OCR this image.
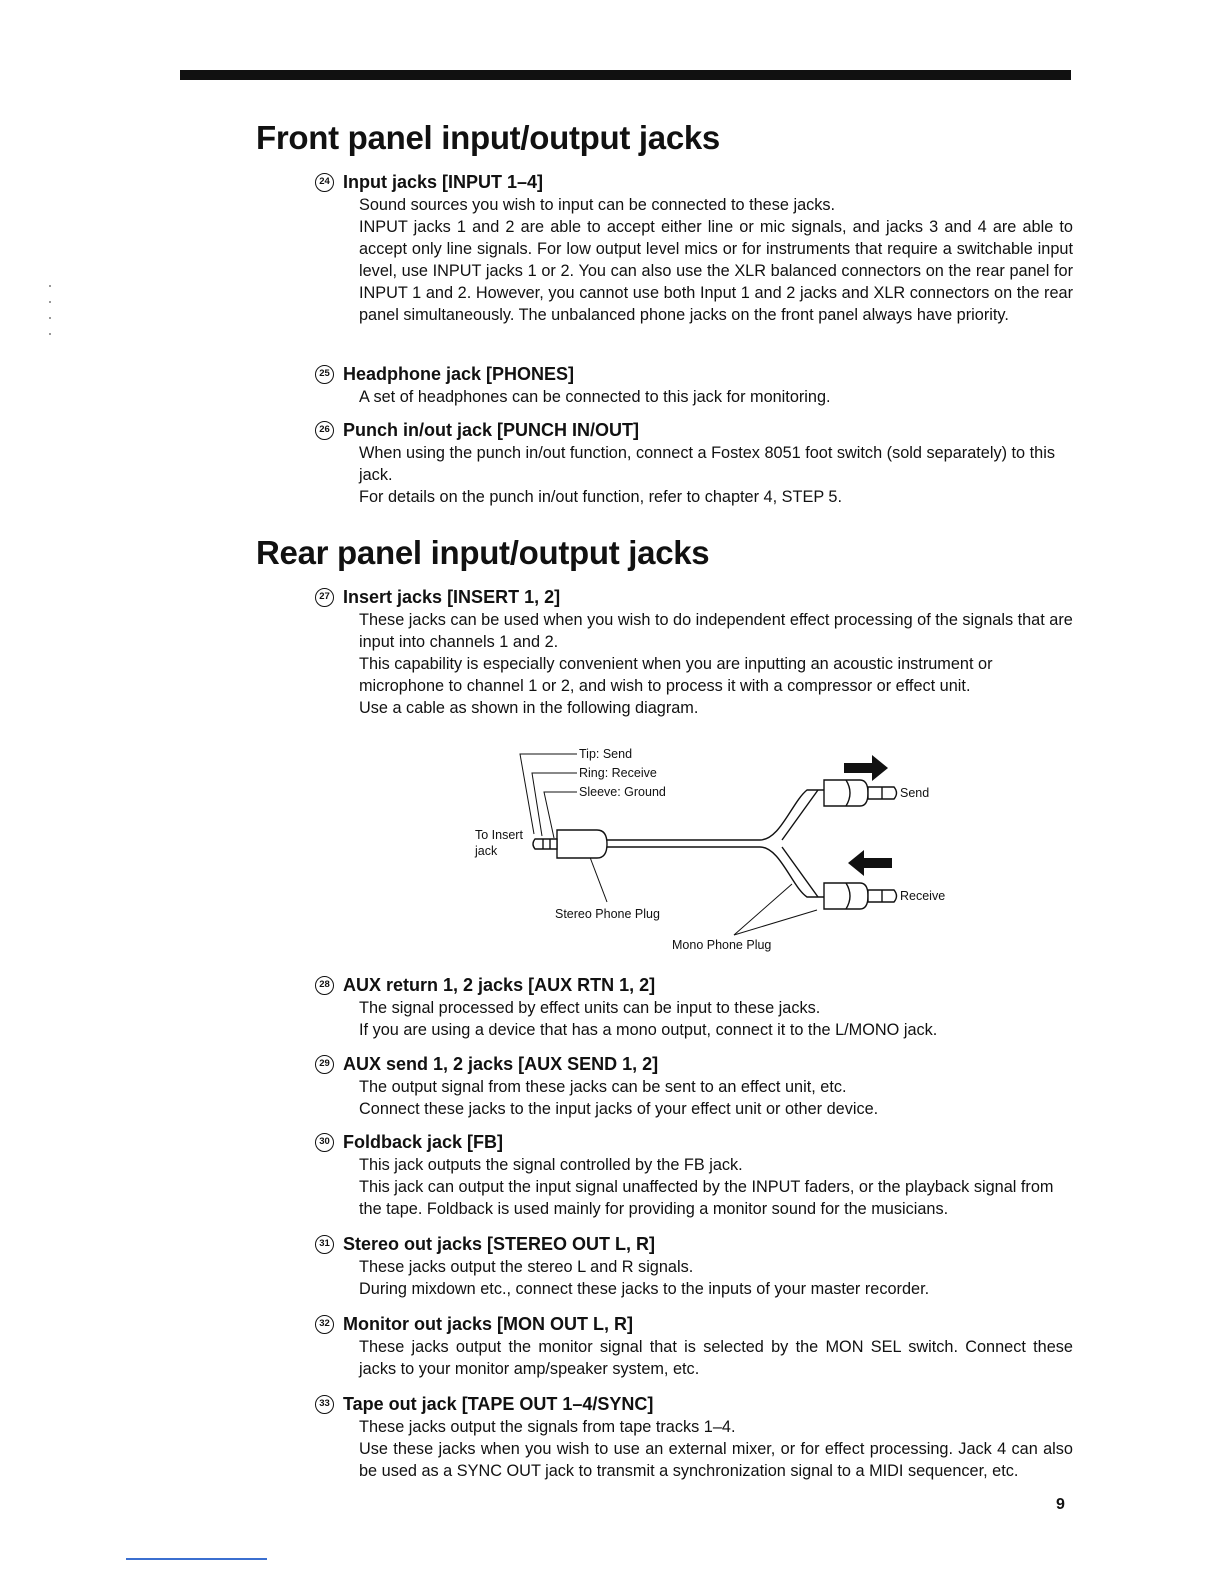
Front panel input/output jacks
24 Input jacks [INPUT 1–4]

Sound sources you wish to input can be connected to these jacks.

INPUT jacks 1 and 2 are able to accept either line or mic signals, and jacks 3 and 4 are able to accept only line signals. For low output level mics or for instruments that require a switchable input level, use INPUT jacks 1 or 2. You can also use the XLR balanced connectors on the rear panel for INPUT 1 and 2. However, you cannot use both Input 1 and 2 jacks and XLR connectors on the rear panel simultaneously. The unbalanced phone jacks on the front panel always have priority.

25 Headphone jack [PHONES]

A set of headphones can be connected to this jack for monitoring.

26 Punch in/out jack [PUNCH IN/OUT]

When using the punch in/out function, connect a Fostex 8051 foot switch (sold separately) to this jack.

For details on the punch in/out function, refer to chapter 4, STEP 5.

Rear panel input/output jacks
27 Insert jacks [INSERT 1, 2]

These jacks can be used when you wish to do independent effect processing of the signals that are input into channels 1 and 2.

This capability is especially convenient when you are inputting an acoustic instrument or microphone to channel 1 or 2, and wish to process it with a compressor or effect unit.

Use a cable as shown in the following diagram.

Tip: Send
Ring: Receive
Sleeve: Ground
To Insert
jack
Stereo Phone Plug
Mono Phone Plug
Send
Receive
28 AUX return 1, 2 jacks [AUX RTN 1, 2]

The signal processed by effect units can be input to these jacks.

If you are using a device that has a mono output, connect it to the L/MONO jack.

29 AUX send 1, 2 jacks [AUX SEND 1, 2]

The output signal from these jacks can be sent to an effect unit, etc.

Connect these jacks to the input jacks of your effect unit or other device.

30 Foldback jack [FB]

This jack outputs the signal controlled by the FB jack.

This jack can output the input signal unaffected by the INPUT faders, or the playback signal from the tape. Foldback is used mainly for providing a monitor sound for the musicians.

31 Stereo out jacks [STEREO OUT L, R]

These jacks output the stereo L and R signals.

During mixdown etc., connect these jacks to the inputs of your master recorder.

32 Monitor out jacks [MON OUT L, R]

These jacks output the monitor signal that is selected by the MON SEL switch. Connect these jacks to your monitor amp/speaker system, etc.

33 Tape out jack [TAPE OUT 1–4/SYNC]

These jacks output the signals from tape tracks 1–4.

Use these jacks when you wish to use an external mixer, or for effect processing. Jack 4 can also be used as a SYNC OUT jack to transmit a synchronization signal to a MIDI sequencer, etc.

9
